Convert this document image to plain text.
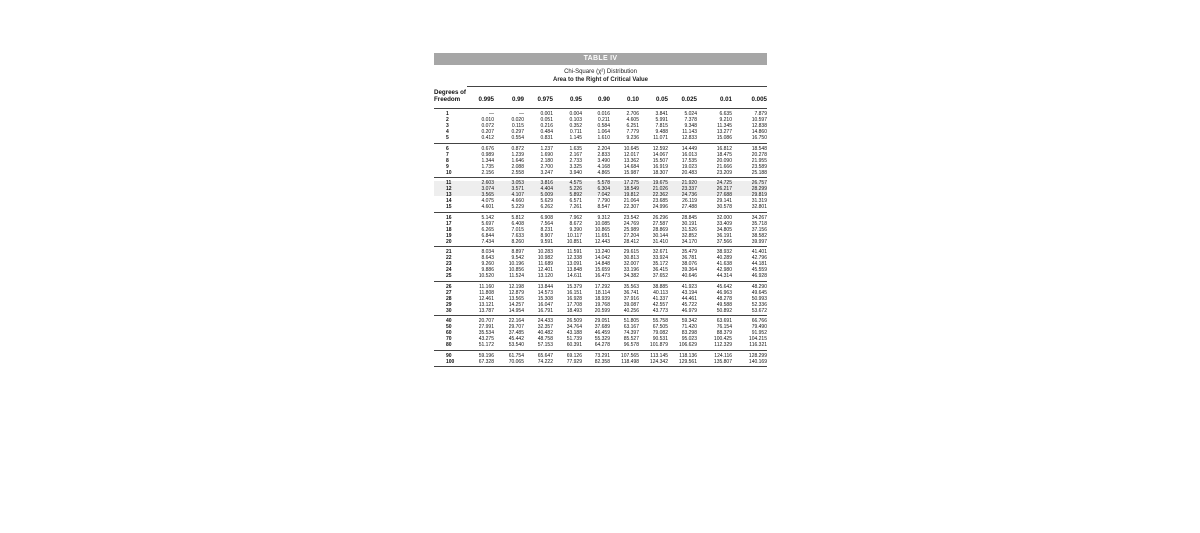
TABLE IV
Chi-Square (χ²) Distribution
Area to the Right of Critical Value
Degrees of
Freedom	0.995	0.99	0.975	0.95	0.90	0.10	0.05	0.025	0.01	0.005
1	—	—	0.001	0.004	0.016	2.706	3.841	5.024	6.635	7.879
2	0.010	0.020	0.051	0.103	0.211	4.605	5.991	7.378	9.210	10.597
3	0.072	0.115	0.216	0.352	0.584	6.251	7.815	9.348	11.345	12.838
4	0.207	0.297	0.484	0.711	1.064	7.779	9.488	11.143	13.277	14.860
5	0.412	0.554	0.831	1.145	1.610	9.236	11.071	12.833	15.086	16.750
6	0.676	0.872	1.237	1.635	2.204	10.645	12.592	14.449	16.812	18.548
7	0.989	1.239	1.690	2.167	2.833	12.017	14.067	16.013	18.475	20.278
8	1.344	1.646	2.180	2.733	3.490	13.362	15.507	17.535	20.090	21.955
9	1.735	2.088	2.700	3.325	4.168	14.684	16.919	19.023	21.666	23.589
10	2.156	2.558	3.247	3.940	4.865	15.987	18.307	20.483	23.209	25.188
11	2.603	3.053	3.816	4.575	5.578	17.275	19.675	21.920	24.725	26.757
12	3.074	3.571	4.404	5.226	6.304	18.549	21.026	23.337	26.217	28.299
13	3.565	4.107	5.009	5.892	7.042	19.812	22.362	24.736	27.688	29.819
14	4.075	4.660	5.629	6.571	7.790	21.064	23.685	26.119	29.141	31.319
15	4.601	5.229	6.262	7.261	8.547	22.307	24.996	27.488	30.578	32.801
16	5.142	5.812	6.908	7.962	9.312	23.542	26.296	28.845	32.000	34.267
17	5.697	6.408	7.564	8.672	10.085	24.769	27.587	30.191	33.409	35.718
18	6.265	7.015	8.231	9.390	10.865	25.989	28.869	31.526	34.805	37.156
19	6.844	7.633	8.907	10.117	11.651	27.204	30.144	32.852	36.191	38.582
20	7.434	8.260	9.591	10.851	12.443	28.412	31.410	34.170	37.566	39.997
21	8.034	8.897	10.283	11.591	13.240	29.615	32.671	35.479	38.932	41.401
22	8.643	9.542	10.982	12.338	14.042	30.813	33.924	36.781	40.289	42.796
23	9.260	10.196	11.689	13.091	14.848	32.007	35.172	38.076	41.638	44.181
24	9.886	10.856	12.401	13.848	15.659	33.196	36.415	39.364	42.980	45.559
25	10.520	11.524	13.120	14.611	16.473	34.382	37.652	40.646	44.314	46.928
26	11.160	12.198	13.844	15.379	17.292	35.563	38.885	41.923	45.642	48.290
27	11.808	12.879	14.573	16.151	18.114	36.741	40.113	43.194	46.963	49.645
28	12.461	13.565	15.308	16.928	18.939	37.916	41.337	44.461	48.278	50.993
29	13.121	14.257	16.047	17.708	19.768	39.087	42.557	45.722	49.588	52.336
30	13.787	14.954	16.791	18.493	20.599	40.256	43.773	46.979	50.892	53.672
40	20.707	22.164	24.433	26.509	29.051	51.805	55.758	59.342	63.691	66.766
50	27.991	29.707	32.357	34.764	37.689	63.167	67.505	71.420	76.154	79.490
60	35.534	37.485	40.482	43.188	46.459	74.397	79.082	83.298	88.379	91.952
70	43.275	45.442	48.758	51.739	55.329	85.527	90.531	95.023	100.425	104.215
80	51.172	53.540	57.153	60.391	64.278	96.578	101.879	106.629	112.329	116.321
90	59.196	61.754	65.647	69.126	73.291	107.565	113.145	118.136	124.116	128.299
100	67.328	70.065	74.222	77.929	82.358	118.498	124.342	129.561	135.807	140.169
